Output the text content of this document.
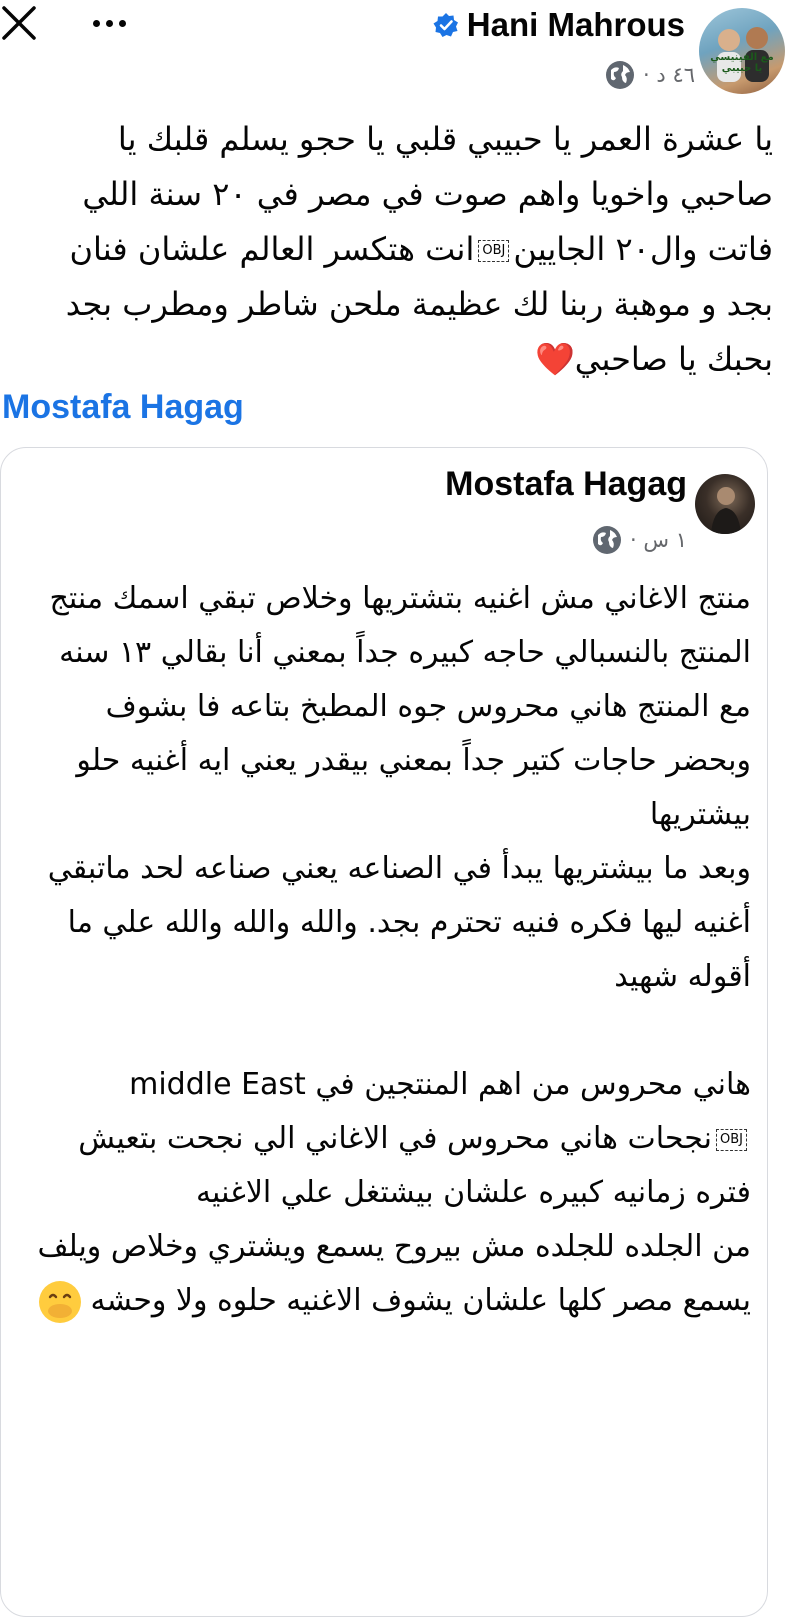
مع الفينيسي يا حبيبي
Hani Mahrous
٤٦ د ·

يا عشرة العمر يا حبيبي قلبي يا حجو يسلم قلبك يا

صاحبي واخويا واهم صوت في مصر في ٢٠ سنة اللي

فاتت وال٢٠ الجايينOBJانت هتكسر العالم علشان فنان

بجد و موهبة ربنا لك عظيمة ملحن شاطر ومطرب بجد

بحبك يا صاحبي❤️

Mostafa Hagag
Mostafa Hagag
١ س ·

منتج الاغاني مش اغنيه بتشتريها وخلاص تبقي اسمك منتج

المنتج بالنسبالي حاجه كبيره جداً بمعني أنا بقالي ١٣ سنه

مع المنتج هاني محروس جوه المطبخ بتاعه فا بشوف وبحضر حاجات كتير جداً بمعني بيقدر يعني ايه أغنيه حلو بيشتريها

وبعد ما بيشتريها يبدأ في الصناعه يعني صناعه لحد ماتبقي

أغنيه ليها فكره فنيه تحترم بجد. والله والله والله علي ما أقوله شهيد

هاني محروس من اهم المنتجين في middle East

OBJنجحات هاني محروس في الاغاني الي نجحت بتعيش

فتره زمانيه كبيره علشان بيشتغل علي الاغنيه

من الجلده للجلده مش بيروح يسمع ويشتري وخلاص ويلف يسمع مصر كلها علشان يشوف الاغنيه حلوه ولا وحشه
